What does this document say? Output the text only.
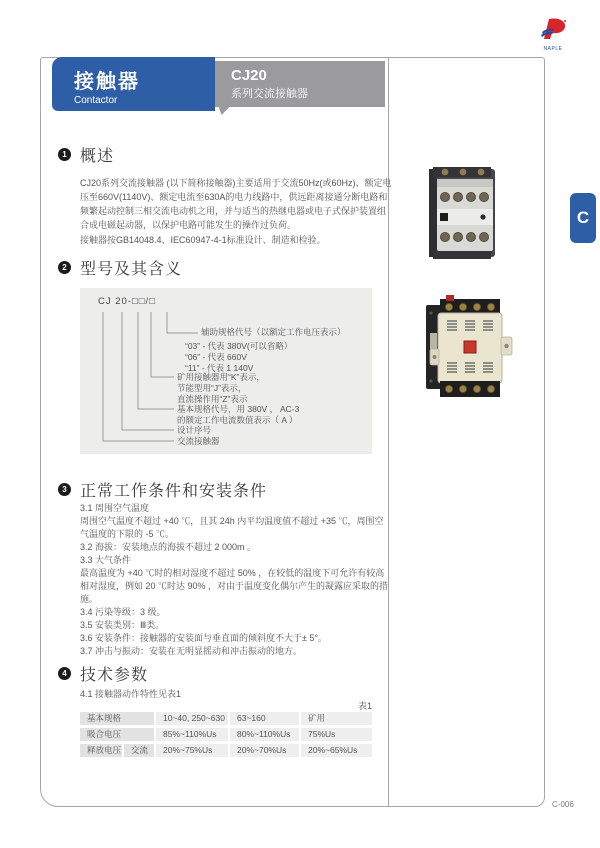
NAPLE
接触器
Contactor
CJ20
系列交流接触器
C
1 概述
CJ20系列交流接触器 (以下简称接触器)主要适用于交流50Hz(或60Hz)、额定电压至660V(1140V)、额定电流至630A的电力线路中，供远距离接通分断电路和频繁起动控制三相交流电动机之用，并与适当的热继电器或电子式保护装置组合成电磁起动器，以保护电路可能发生的操作过负荷。
接触器按GB14048.4、IEC60947-4-1标准设计、制造和检验。
2 型号及其含义
CJ 20-□□/□
辅助规格代号（以额定工作电压表示）
“03” - 代表 380V(可以省略）
“06” - 代表 660V
“11” - 代表 1 140V
矿用接触器用“K”表示，
节能型用“J”表示，
直流操作用“Z”表示
基本规格代号，用 380V ， AC-3
的额定工作电流数值表示（ A ）
设计序号
交流接触器
3 正常工作条件和安装条件
3.1 周围空气温度
周围空气温度不超过 +40 ℃，且其 24h 内平均温度值不超过 +35 ℃，周围空气温度的下限的 -5 ℃。
3.2 海拔：安装地点的海拔不超过 2 000m 。
3.3 大气条件
最高温度为 +40 ℃时的相对湿度不超过 50% ，在较低的温度下可允许有较高相对湿度，例如 20 ℃时达 90% ，对由于温度变化偶尔产生的凝露应采取的措施。
3.4 污染等级：3 级。
3.5 安装类别：Ⅲ类。
3.6 安装条件：接触器的安装面与垂直面的倾斜度不大于± 5°。
3.7 冲击与振动：安装在无明显摇动和冲击振动的地方。
4 技术参数
4.1 接触器动作特性见表1
表1
基本规格	10~40, 250~630	63~160	矿用
吸合电压	85%~110%Us	80%~110%Us	75%Us
释放电压	交流	20%~75%Us	20%~70%Us	20%~65%Us
C-006
